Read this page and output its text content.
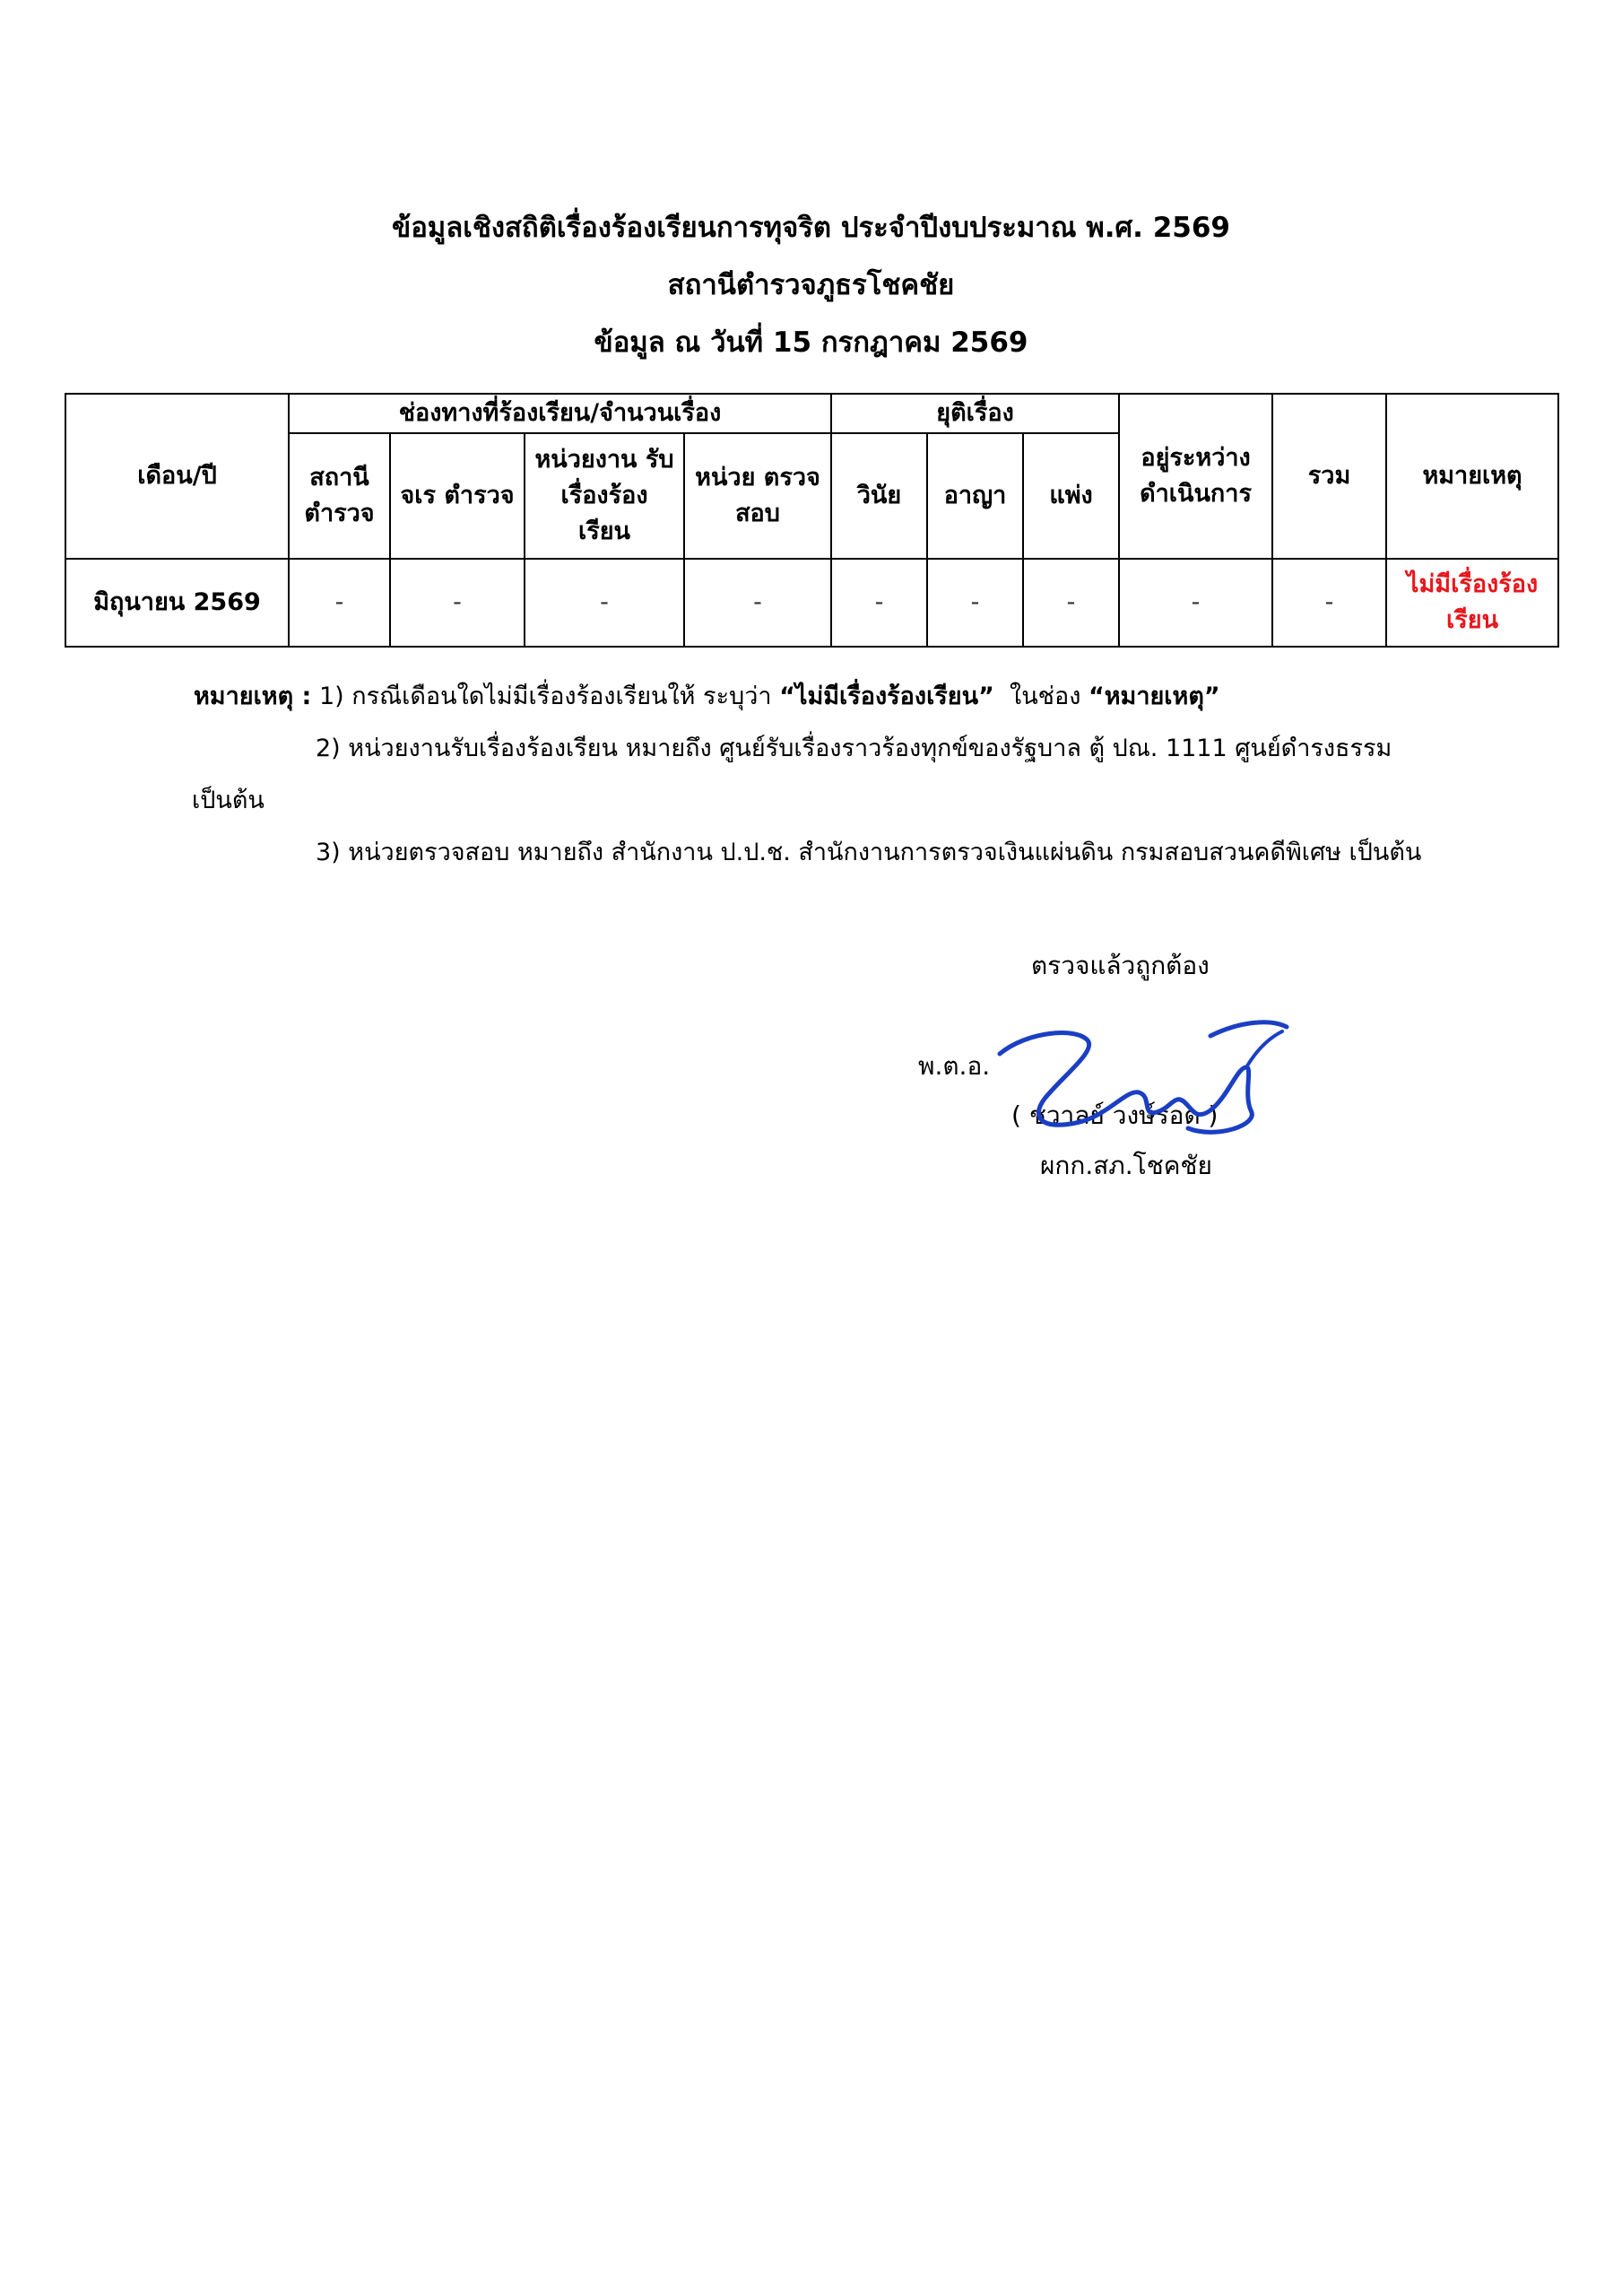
ข้อมูลเชิงสถิติเรื่องร้องเรียนการทุจริต ประจำปีงบประมาณ พ.ศ. 2569
สถานีตำรวจภูธรโชคชัย
ข้อมูล ณ วันที่ 15 กรกฎาคม 2569
เดือน/ปี	ช่องทางที่ร้องเรียน/จำนวนเรื่อง				ยุติเรื่อง			อยู่ระหว่าง ดำเนินการ	รวม	หมายเหตุ
	สถานี ตำรวจ	จเร ตำรวจ	หน่วยงาน รับเรื่องร้อง เรียน	หน่วย ตรวจสอบ	วินัย	อาญา	แพ่ง			
มิถุนายน 2569	-	-	-	-	-	-	-	-	-	ไม่มีเรื่องร้อง เรียน

หมายเหตุ : 1) กรณีเดือนใดไม่มีเรื่องร้องเรียนให้ ระบุว่า “ไม่มีเรื่องร้องเรียน” ในช่อง “หมายเหตุ”

2) หน่วยงานรับเรื่องร้องเรียน หมายถึง ศูนย์รับเรื่องราวร้องทุกข์ของรัฐบาล ตู้ ปณ. 1111 ศูนย์ดำรงธรรม

เป็นต้น

3) หน่วยตรวจสอบ หมายถึง สำนักงาน ป.ป.ช. สำนักงานการตรวจเงินแผ่นดิน กรมสอบสวนคดีพิเศษ เป็นต้น

ตรวจแล้วถูกต้อง
พ.ต.อ.
( ชวาลย์ วงษ์รอด )
ผกก.สภ.โชคชัย
